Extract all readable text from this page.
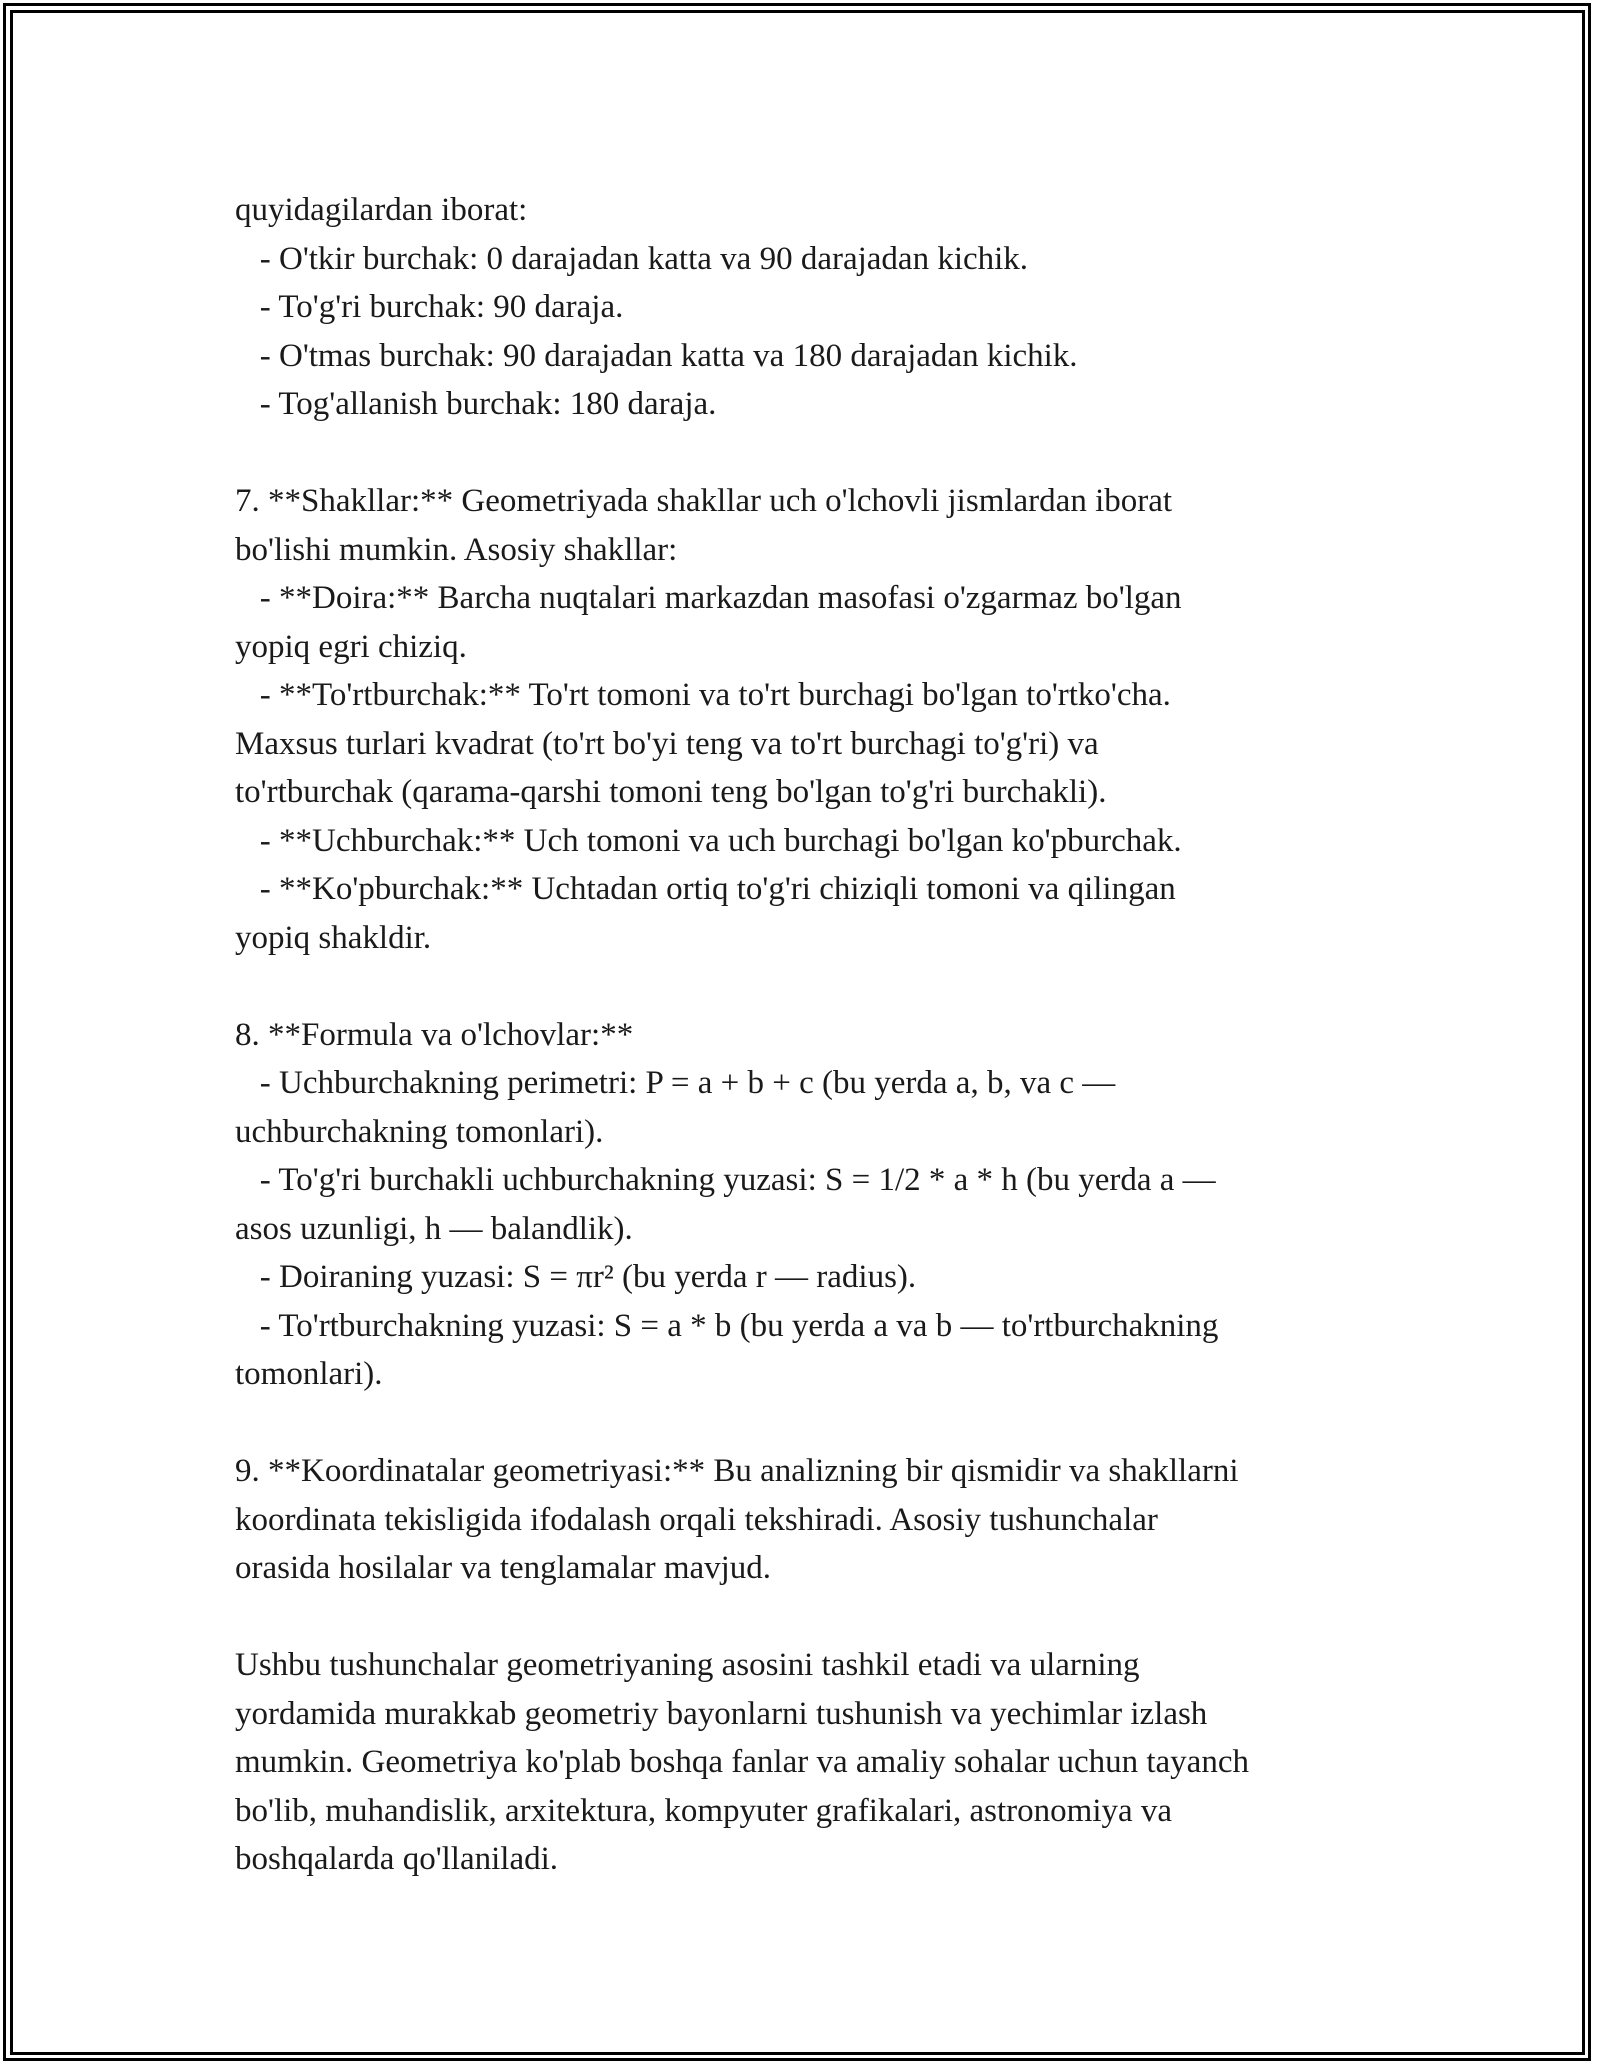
quyidagilardan iborat:
- O'tkir burchak: 0 darajadan katta va 90 darajadan kichik.
- To'g'ri burchak: 90 daraja.
- O'tmas burchak: 90 darajadan katta va 180 darajadan kichik.
- Tog'allanish burchak: 180 daraja.
7. **Shakllar:** Geometriyada shakllar uch o'lchovli jismlardan iborat
bo'lishi mumkin. Asosiy shakllar:
- **Doira:** Barcha nuqtalari markazdan masofasi o'zgarmaz bo'lgan
yopiq egri chiziq.
- **To'rtburchak:** To'rt tomoni va to'rt burchagi bo'lgan to'rtko'cha.
Maxsus turlari kvadrat (to'rt bo'yi teng va to'rt burchagi to'g'ri) va
to'rtburchak (qarama-qarshi tomoni teng bo'lgan to'g'ri burchakli).
- **Uchburchak:** Uch tomoni va uch burchagi bo'lgan ko'pburchak.
- **Ko'pburchak:** Uchtadan ortiq to'g'ri chiziqli tomoni va qilingan
yopiq shakldir.
8. **Formula va o'lchovlar:**
- Uchburchakning perimetri: P = a + b + c (bu yerda a, b, va c —
uchburchakning tomonlari).
- To'g'ri burchakli uchburchakning yuzasi: S = 1/2 * a * h (bu yerda a —
asos uzunligi, h — balandlik).
- Doiraning yuzasi: S = πr² (bu yerda r — radius).
- To'rtburchakning yuzasi: S = a * b (bu yerda a va b — to'rtburchakning
tomonlari).
9. **Koordinatalar geometriyasi:** Bu analizning bir qismidir va shakllarni
koordinata tekisligida ifodalash orqali tekshiradi. Asosiy tushunchalar
orasida hosilalar va tenglamalar mavjud.
Ushbu tushunchalar geometriyaning asosini tashkil etadi va ularning
yordamida murakkab geometriy bayonlarni tushunish va yechimlar izlash
mumkin. Geometriya ko'plab boshqa fanlar va amaliy sohalar uchun tayanch
bo'lib, muhandislik, arxitektura, kompyuter grafikalari, astronomiya va
boshqalarda qo'llaniladi.
